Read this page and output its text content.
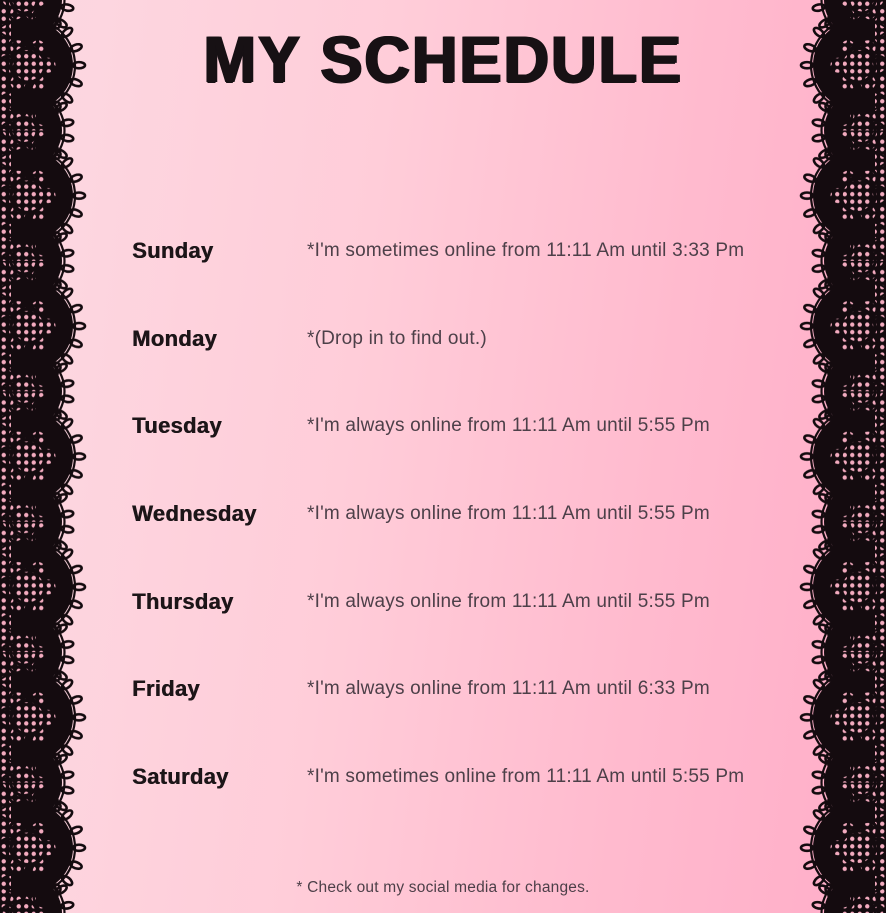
MY SCHEDULE
Sunday	*I'm sometimes online from 11:11 Am until 3:33 Pm
Monday	*(Drop in to find out.)
Tuesday	*I'm always online from 11:11 Am until 5:55 Pm
Wednesday	*I'm always online from 11:11 Am until 5:55 Pm
Thursday	*I'm always online from 11:11 Am until 5:55 Pm
Friday	*I'm always online from 11:11 Am until 6:33 Pm
Saturday	*I'm sometimes online from 11:11 Am until 5:55 Pm
* Check out my social media for changes.
